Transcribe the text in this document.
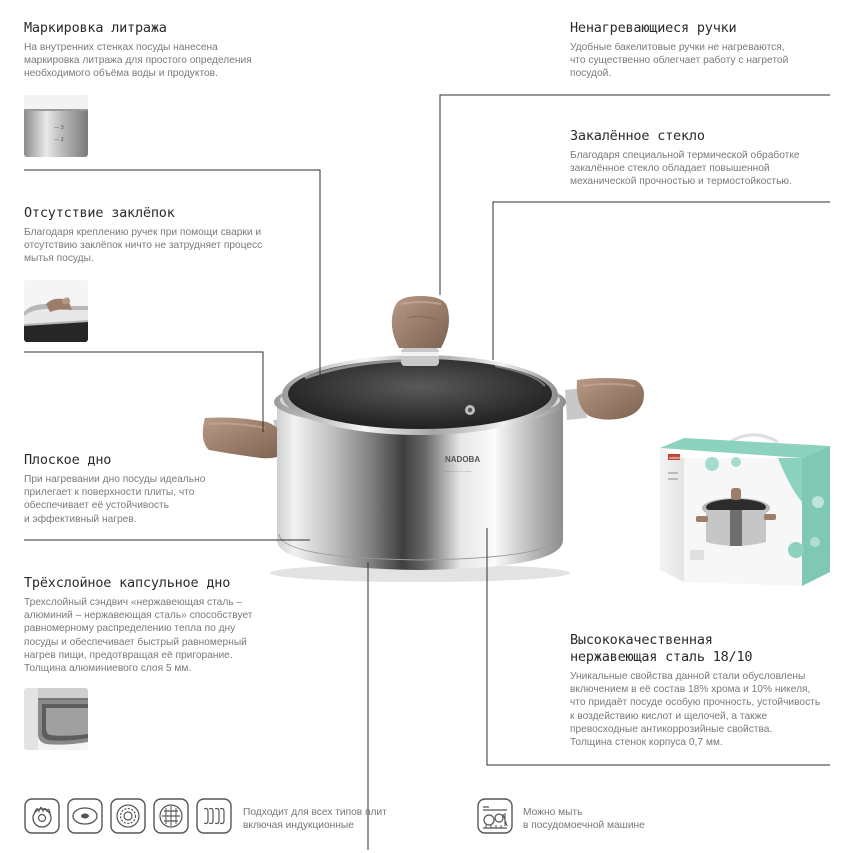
Маркировка литража

На внутренних стенках посуды нанесена
маркировка литража для простого определения
необходимого объёма воды и продуктов.

Отсутствие заклёпок

Благодаря креплению ручек при помощи сварки и
отсутствию заклёпок ничто не затрудняет процесс
мытья посуды.

Плоское дно

При нагревании дно посуды идеально
прилегает к поверхности плиты, что
обеспечивает её устойчивость
и эффективный нагрев.

Трёхслойное капсульное дно

Трехслойный сэндвич «нержавеющая сталь –
алюминий – нержавеющая сталь» способствует
равномерному распределению тепла по дну
посуды и обеспечивает быстрый равномерный
нагрев пищи, предотвращая её пригорание.
Толщина алюминиевого слоя 5 мм.

Ненагревающиеся ручки

Удобные бакелитовые ручки не нагреваются,
что существенно облегчает работу с нагретой
посудой.

Закалённое стекло

Благодаря специальной термической обработке
закалённое стекло обладает повышенной
механической прочностью и термостойкостью.

Высококачественная
нержавеющая сталь 18/10

Уникальные свойства данной стали обусловлены
включением в её состав 18% хрома и 10% никеля,
что придаёт посуде особую прочность, устойчивость
к воздействию кислот и щелочей, а также
превосходные антикоррозийные свойства.
Толщина стенок корпуса 0,7 мм.

— 3
— 2
NADOBA
———— — ——
nadoba
Подходит для всех типов плит
включая индукционные
Можно мыть
в посудомоечной машине
